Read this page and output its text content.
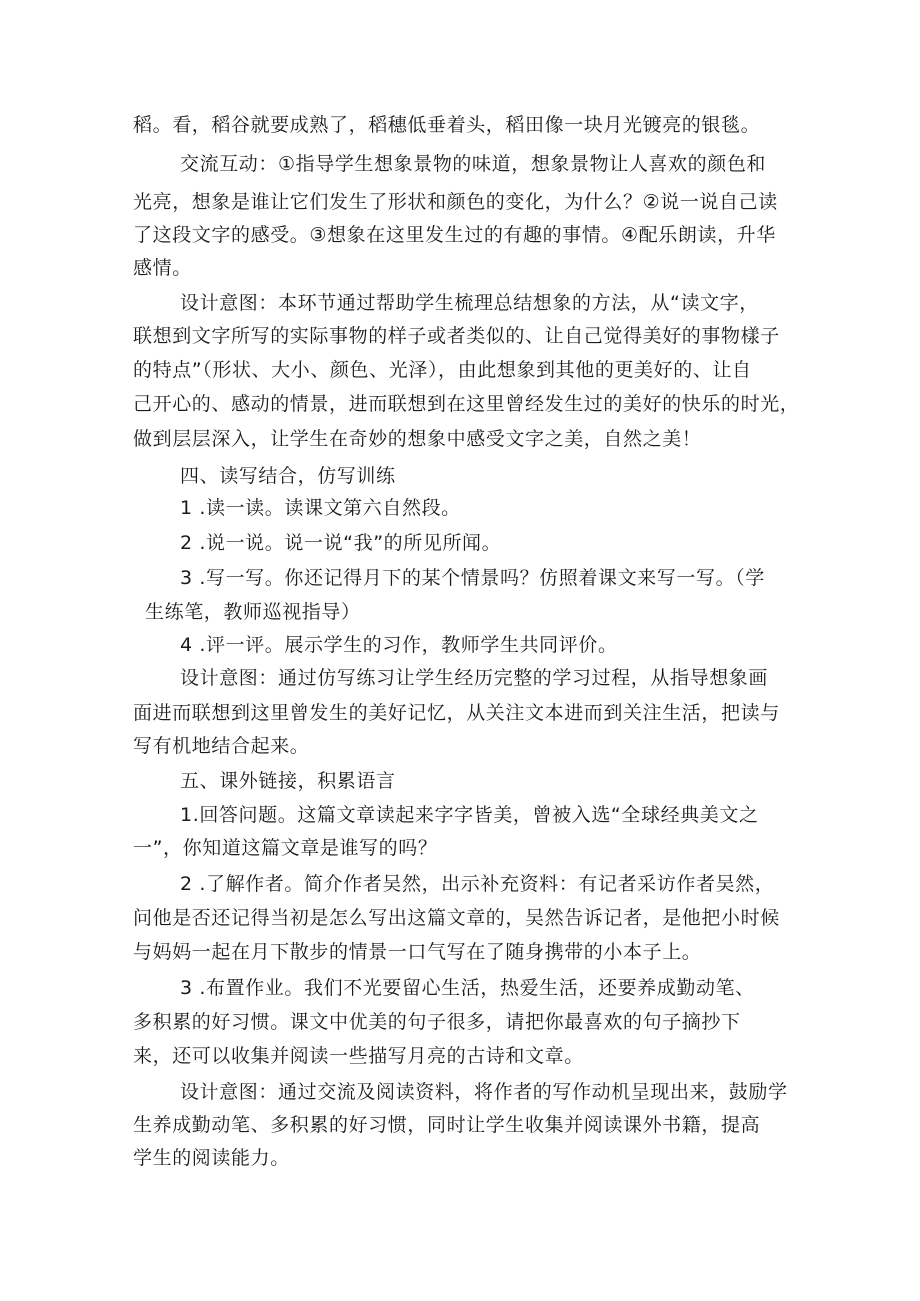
稻。看，稻谷就要成熟了，稻穗低垂着头，稻田像一块月光镀亮的银毯。
交流互动：①指导学生想象景物的味道，想象景物让人喜欢的颜色和
光亮，想象是谁让它们发生了形状和颜色的变化，为什么？②说一说自己读
了这段文字的感受。③想象在这里发生过的有趣的事情。④配乐朗读，升华
感情。
设计意图：本环节通过帮助学生梳理总结想象的方法，从“读文字，
联想到文字所写的实际事物的样子或者类似的、让自己觉得美好的事物樣子
的特点”（形状、大小、颜色、光泽），由此想象到其他的更美好的、让自
己开心的、感动的情景，进而联想到在这里曾经发生过的美好的快乐的时光，
做到层层深入，让学生在奇妙的想象中感受文字之美，自然之美！
四、读写结合，仿写训练
1 .读一读。读课文第六自然段。
2 .说一说。说一说“我”的所见所闻。
3 .写一写。你还记得月下的某个情景吗？仿照着课文来写一写。（学
生练笔，教师巡视指导）
4 .评一评。展示学生的习作，教师学生共同评价。
设计意图：通过仿写练习让学生经历完整的学习过程，从指导想象画
面进而联想到这里曾发生的美好记忆，从关注文本进而到关注生活，把读与
写有机地结合起来。
五、课外链接，积累语言
1.回答问题。这篇文章读起来字字皆美，曾被入选“全球经典美文之
一”，你知道这篇文章是谁写的吗？
2 .了解作者。简介作者吴然，出示补充资料：有记者采访作者吴然，
问他是否还记得当初是怎么写出这篇文章的，吴然告诉记者，是他把小时候
与妈妈一起在月下散步的情景一口气写在了随身携带的小本子上。
3 .布置作业。我们不光要留心生活，热爱生活，还要养成勤动笔、
多积累的好习惯。课文中优美的句子很多，请把你最喜欢的句子摘抄下
来，还可以收集并阅读一些描写月亮的古诗和文章。
设计意图：通过交流及阅读资料，将作者的写作动机呈现出来，鼓励学
生养成勤动笔、多积累的好习惯，同时让学生收集并阅读课外书籍，提高
学生的阅读能力。
